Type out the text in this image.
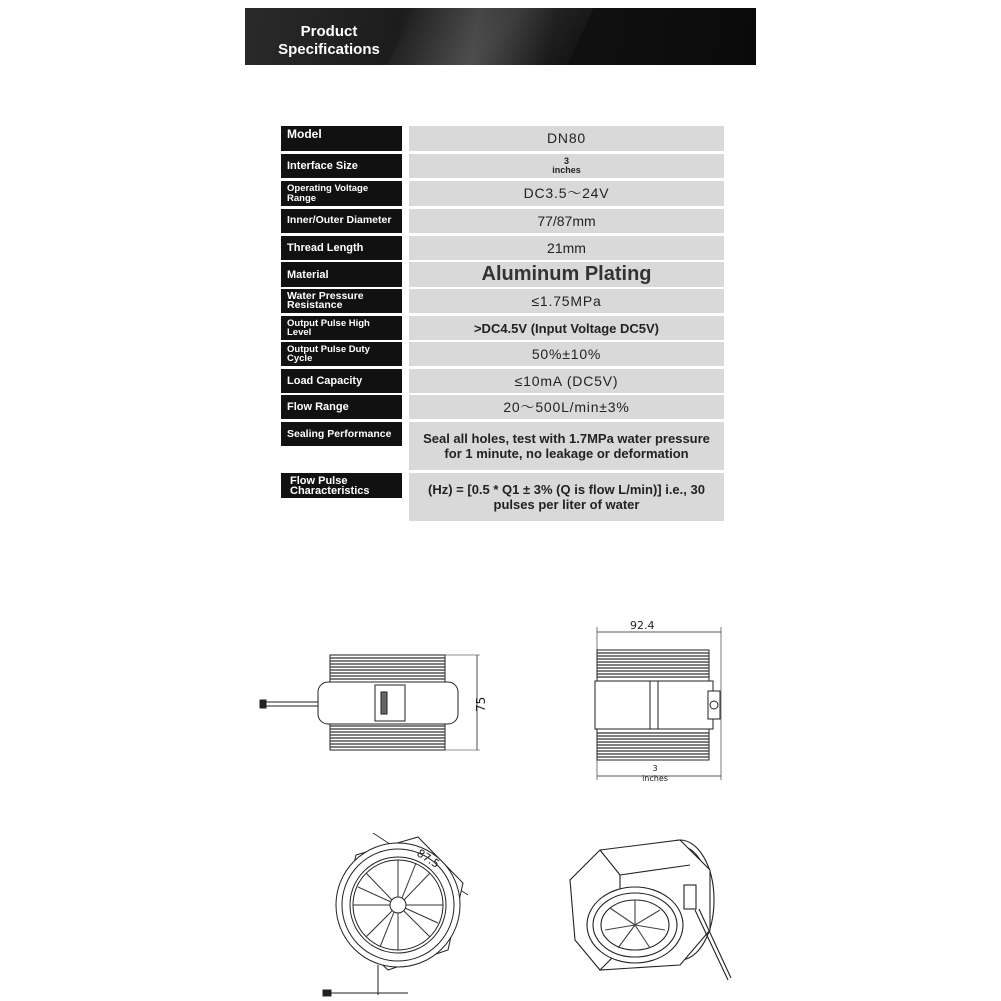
Product
Specifications
Model	DN80
Interface Size	3
inches
Operating Voltage Range	DC3.5～24V
Inner/Outer Diameter	77/87mm
Thread Length	21mm
Material	Aluminum Plating
Water Pressure Resistance	≤1.75MPa
Output Pulse High Level	>DC4.5V (Input Voltage DC5V)
Output Pulse Duty Cycle	50%±10%
Load Capacity	≤10mA (DC5V)
Flow Range	20～500L/min±3%
Sealing Performance	Seal all holes, test with 1.7MPa water pressure for 1 minute, no leakage or deformation
Flow Pulse Characteristics	(Hz) = [0.5 * Q1 ± 3% (Q is flow L/min)] i.e., 30 pulses per liter of water
75
92.4
3
inches
87.5
